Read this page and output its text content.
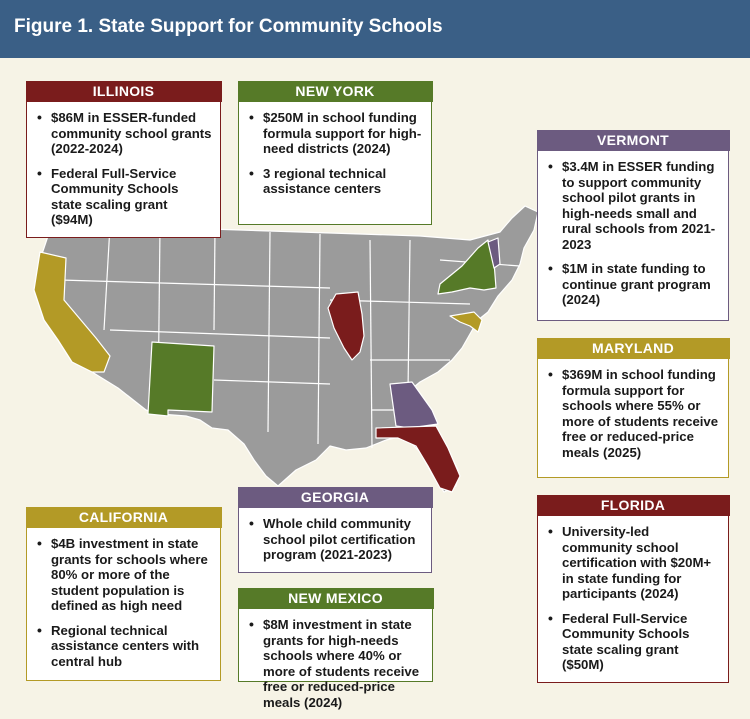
Figure 1. State Support for Community Schools
ILLINOIS
• $86M in ESSER-funded community school grants (2022-2024)
• Federal Full-Service Community Schools state scaling grant ($94M)
NEW YORK
• $250M in school funding formula support for high-need districts (2024)
• 3 regional technical assistance centers
VERMONT
• $3.4M in ESSER funding to support community school pilot grants in high-needs small and rural schools from 2021-2023
• $1M in state funding to continue grant program (2024)
MARYLAND
• $369M in school funding formula support for schools where 55% or more of students receive free or reduced-price meals (2025)
FLORIDA
• University-led community school certification with $20M+ in state funding for participants (2024)
• Federal Full-Service Community Schools state scaling grant ($50M)
GEORGIA
• Whole child community school pilot certification program (2021-2023)
CALIFORNIA
• $4B investment in state grants for schools where 80% or more of the student population is defined as high need
• Regional technical assistance centers with central hub
NEW MEXICO
• $8M investment in state grants for high-needs schools where 40% or more of students receive free or reduced-price meals (2024)
